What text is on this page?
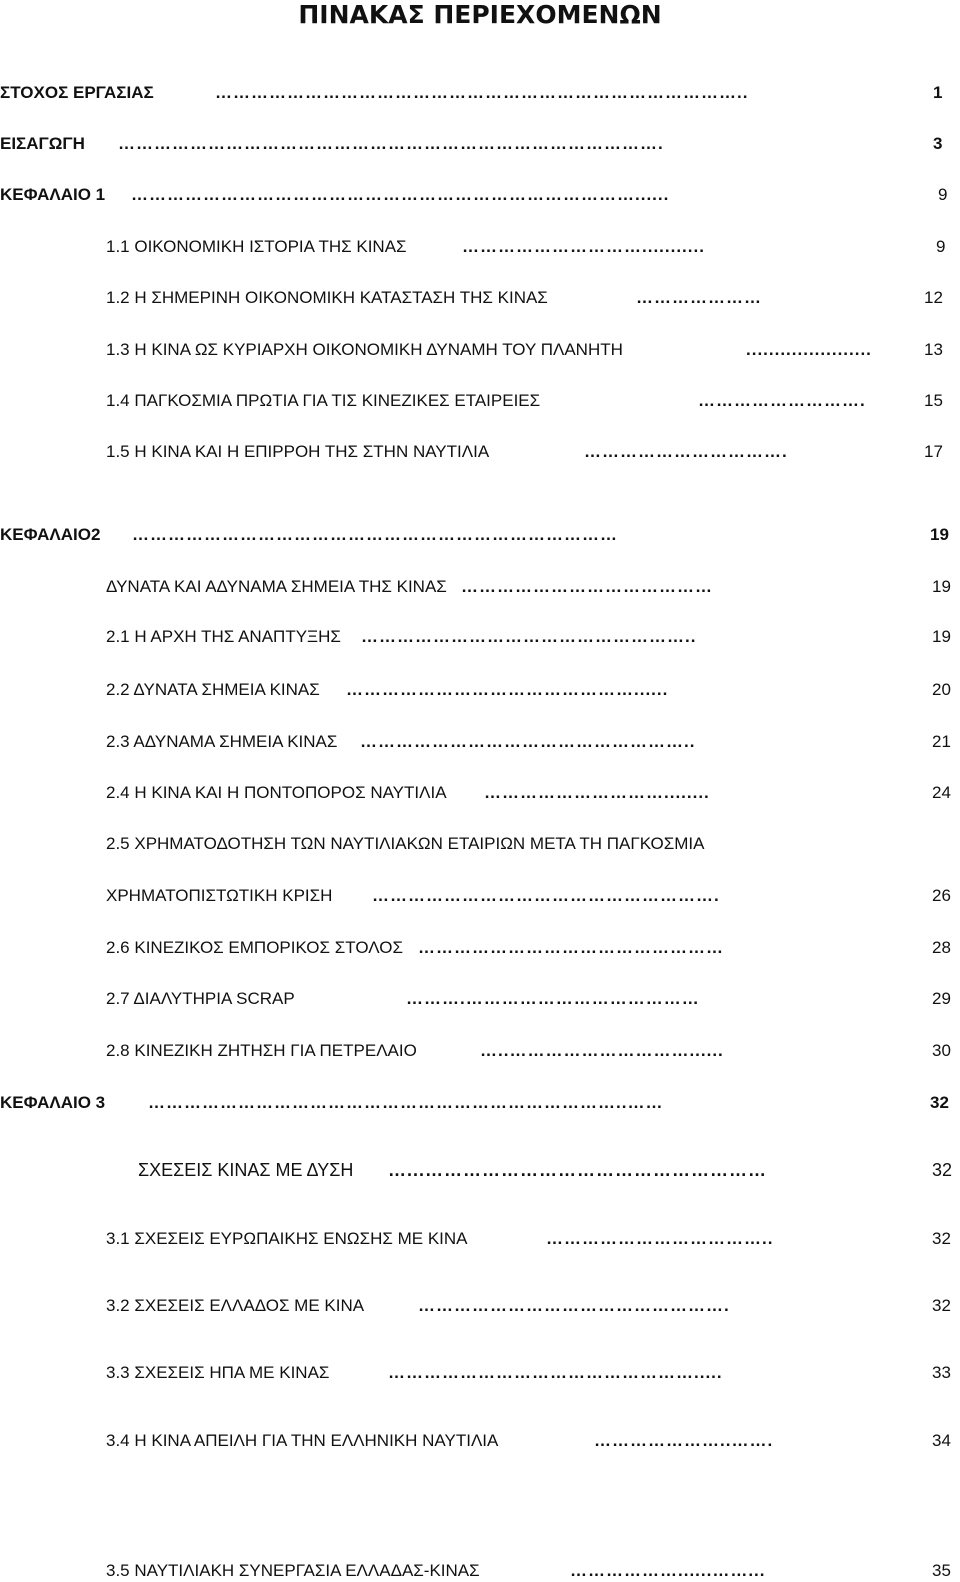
ΠΙΝΑΚΑΣ ΠΕΡΙΕΧΟΜΕΝΩΝ
ΣΤΟΧΟΣ ΕΡΓΑΣΙΑΣ	……………………………………………………………………………..	1
ΕΙΣΑΓΩΓΗ ……………………………………………………………………………….	3
ΚΕΦΑΛΑΙΟ 1 …………………………………………………………………………......	9
1.1 ΟΙΚΟΝΟΜΙΚΗ ΙΣΤΟΡΙΑ ΤΗΣ ΚΙΝΑΣ	…………………………...........	9
1.2 Η ΣΗΜΕΡΙΝΗ ΟΙΚΟΝΟΜΙΚΗ ΚΑΤΑΣΤΑΣΗ ΤΗΣ ΚΙΝΑΣ	…………………	12
1.3 Η ΚΙΝΑ ΩΣ ΚΥΡΙΑΡΧΗ ΟΙΚΟΝΟΜΙΚΗ ΔΥΝΑΜΗ ΤΟΥ ΠΛΑΝΗΤΗ	......................	13
1.4 ΠΑΓΚΟΣΜΙΑ ΠΡΩΤΙΑ ΓΙΑ ΤΙΣ ΚΙΝΕΖΙΚΕΣ ΕΤΑΙΡΕΙΕΣ	……………………….	15
1.5 Η ΚΙΝΑ ΚΑΙ Η ΕΠΙΡΡΟΗ ΤΗΣ ΣΤΗΝ ΝΑΥΤΙΛΙΑ	…………………………….	17
ΚΕΦΑΛΑΙΟ2 ………………………………………………………………………	19
ΔΥΝΑΤΑ ΚΑΙ ΑΔΥΝΑΜΑ ΣΗΜΕΙΑ ΤΗΣ ΚΙΝΑΣ ……………………………………	19
2.1 Η ΑΡΧΗ ΤΗΣ ΑΝΑΠΤΥΞΗΣ ………………………………………………..	19
2.2 ΔΥΝΑΤΑ ΣΗΜΕΙΑ ΚΙΝΑΣ …………………………………………......	20
2.3 ΑΔΥΝΑΜΑ ΣΗΜΕΙΑ ΚΙΝΑΣ ………………………………………………..	21
2.4 Η ΚΙΝΑ ΚΑΙ Η ΠΟΝΤΟΠΟΡΟΣ ΝΑΥΤΙΛΙΑ …………………………........	24
2.5 ΧΡΗΜΑΤΟΔΟΤΗΣΗ ΤΩΝ ΝΑΥΤΙΛΙΑΚΩΝ ΕΤΑΙΡΙΩΝ ΜΕΤΑ ΤΗ ΠΑΓΚΟΣΜΙΑ
ΧΡΗΜΑΤΟΠΙΣΤΩΤΙΚΗ ΚΡΙΣΗ ………………………………………………….	26
2.6 ΚΙΝΕΖΙΚΟΣ ΕΜΠΟΡΙΚΟΣ ΣΤΟΛΟΣ ……………………………………………	28
2.7 ΔΙΑΛΥΤΗΡΙΑ SCRAP	……….…………………………………	29
2.8 ΚΙΝΕΖΙΚΗ ΖΗΤΗΣΗ ΓΙΑ ΠΕΤΡΕΛΑΙΟ	…..…………………………......	30
ΚΕΦΑΛΑΙΟ 3	……………………………………………………………………..……	32
ΣΧΕΣΕΙΣ ΚΙΝΑΣ ΜΕ ΔΥΣΗ …...………………………………………………	32
3.1 ΣΧΕΣΕΙΣ ΕΥΡΩΠΑΙΚΗΣ ΕΝΩΣΗΣ ΜΕ ΚΙΝΑ	………………………………..	32
3.2 ΣΧΕΣΕΙΣ ΕΛΛΑΔΟΣ ΜΕ ΚΙΝΑ	…………………………………………….	32
3.3 ΣΧΕΣΕΙΣ ΗΠΑ ΜΕ ΚΙΝΑΣ	…………………………………………….....	33
3.4 Η ΚΙΝΑ ΑΠΕΙΛΗ ΓΙΑ ΤΗΝ ΕΛΛΗΝΙΚΗ ΝΑΥΤΙΛΙΑ	…………………..…….	34
3.5 ΝΑΥΤΙΛΙΑΚΗ ΣΥΝΕΡΓΑΣΙΑ ΕΛΛΑΔΑΣ-ΚΙΝΑΣ	………………......……...	35
